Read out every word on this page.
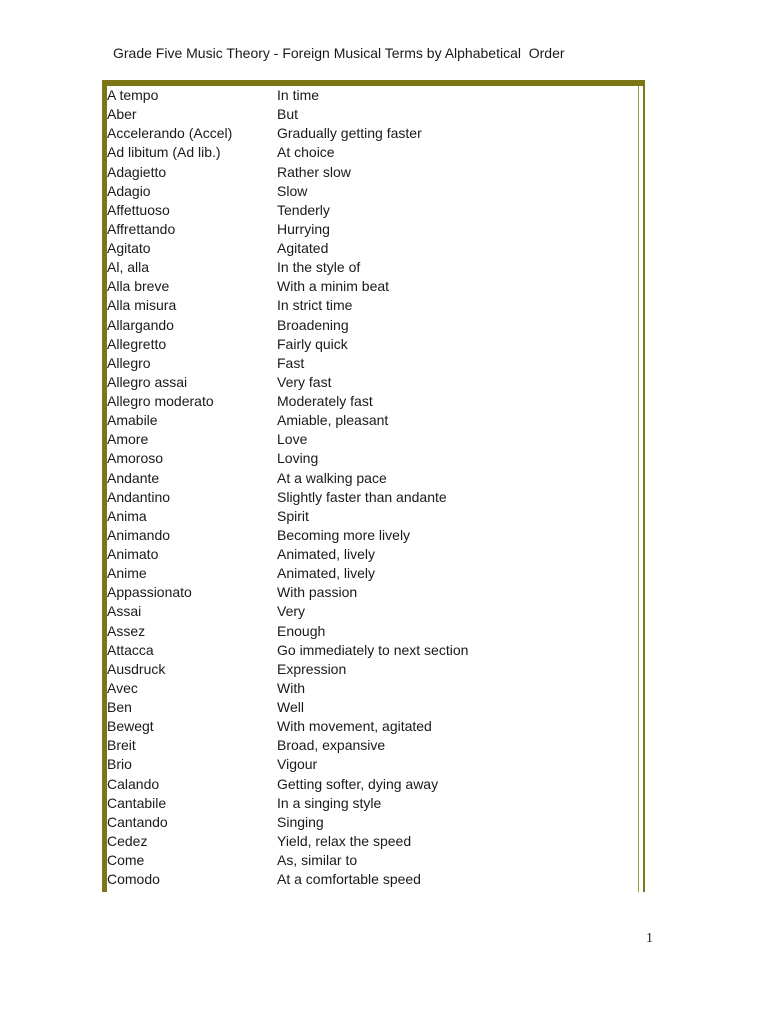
Grade Five Music Theory - Foreign Musical Terms by Alphabetical  Order
A tempo	In time
Aber	But
Accelerando (Accel)	Gradually getting faster
Ad libitum (Ad lib.)	At choice
Adagietto	Rather slow
Adagio	Slow
Affettuoso	Tenderly
Affrettando	Hurrying
Agitato	Agitated
Al, alla	In the style of
Alla breve	With a minim beat
Alla misura	In strict time
Allargando	Broadening
Allegretto	Fairly quick
Allegro	Fast
Allegro assai	Very fast
Allegro moderato	Moderately fast
Amabile	Amiable, pleasant
Amore	Love
Amoroso	Loving
Andante	At a walking pace
Andantino	Slightly faster than andante
Anima	Spirit
Animando	Becoming more lively
Animato	Animated, lively
Anime	Animated, lively
Appassionato	With passion
Assai	Very
Assez	Enough
Attacca	Go immediately to next section
Ausdruck	Expression
Avec	With
Ben	Well
Bewegt	With movement, agitated
Breit	Broad, expansive
Brio	Vigour
Calando	Getting softer, dying away
Cantabile	In a singing style
Cantando	Singing
Cedez	Yield, relax the speed
Come	As, similar to
Comodo	At a comfortable speed
1
